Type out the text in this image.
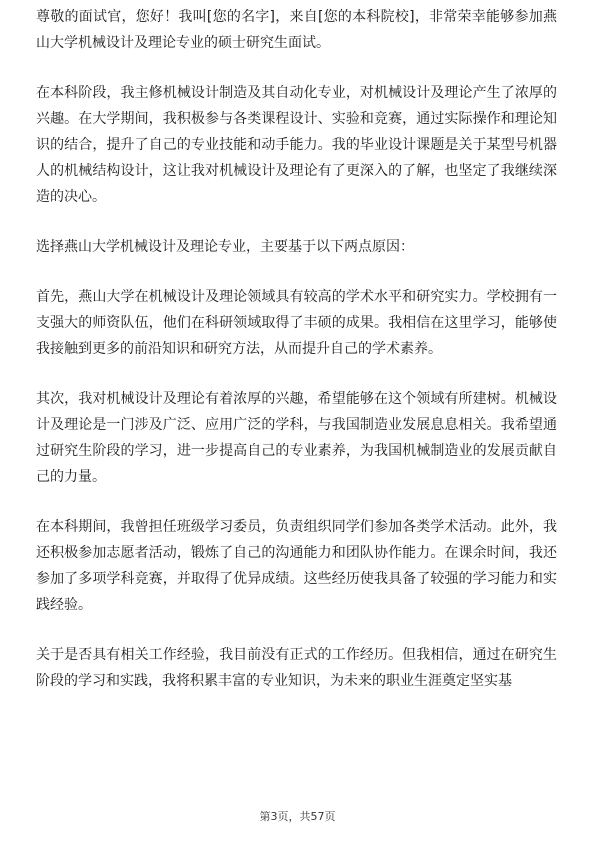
尊敬的面试官，您好！我叫[您的名字]，来自[您的本科院校]，非常荣幸能够参加燕山大学机械设计及理论专业的硕士研究生面试。

在本科阶段，我主修机械设计制造及其自动化专业，对机械设计及理论产生了浓厚的兴趣。在大学期间，我积极参与各类课程设计、实验和竞赛，通过实际操作和理论知识的结合，提升了自己的专业技能和动手能力。我的毕业设计课题是关于某型号机器人的机械结构设计，这让我对机械设计及理论有了更深入的了解，也坚定了我继续深造的决心。

选择燕山大学机械设计及理论专业，主要基于以下两点原因：

首先，燕山大学在机械设计及理论领域具有较高的学术水平和研究实力。学校拥有一支强大的师资队伍，他们在科研领域取得了丰硕的成果。我相信在这里学习，能够使我接触到更多的前沿知识和研究方法，从而提升自己的学术素养。

其次，我对机械设计及理论有着浓厚的兴趣，希望能够在这个领域有所建树。机械设计及理论是一门涉及广泛、应用广泛的学科，与我国制造业发展息息相关。我希望通过研究生阶段的学习，进一步提高自己的专业素养，为我国机械制造业的发展贡献自己的力量。

在本科期间，我曾担任班级学习委员，负责组织同学们参加各类学术活动。此外，我还积极参加志愿者活动，锻炼了自己的沟通能力和团队协作能力。在课余时间，我还参加了多项学科竞赛，并取得了优异成绩。这些经历使我具备了较强的学习能力和实践经验。

关于是否具有相关工作经验，我目前没有正式的工作经历。但我相信，通过在研究生阶段的学习和实践，我将积累丰富的专业知识，为未来的职业生涯奠定坚实基

第3页，共57页
